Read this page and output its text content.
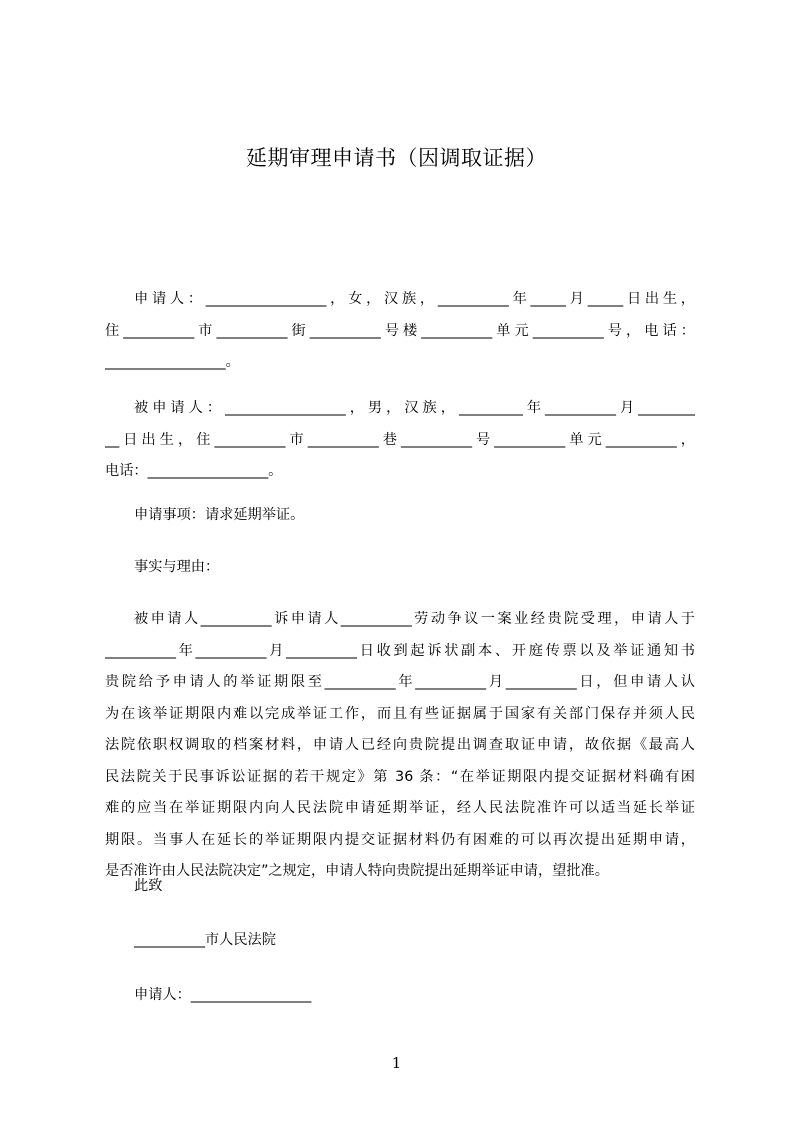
延期审理申请书（因调取证据）
申请人：_________________，女，汉族，__________年_____月_____日出生，
住__________市__________街__________号楼__________单元__________号，电话：
_________________。
被申请人：_________________，男，汉族，_________年__________月________
__日出生，住__________市__________巷__________号__________单元__________，
电话：_________________。
申请事项：请求延期举证。
事实与理由：
被申请人__________诉申请人__________劳动争议一案业经贵院受理，申请人于
__________年__________月__________日收到起诉状副本、开庭传票以及举证通知书
贵院给予申请人的举证期限至__________年__________月__________日，但申请人认
为在该举证期限内难以完成举证工作，而且有些证据属于国家有关部门保存并须人民
法院依职权调取的档案材料，申请人已经向贵院提出调查取证申请，故依据《最高人
民法院关于民事诉讼证据的若干规定》第 36 条：“在举证期限内提交证据材料确有困
难的应当在举证期限内向人民法院申请延期举证，经人民法院准许可以适当延长举证
期限。当事人在延长的举证期限内提交证据材料仍有困难的可以再次提出延期申请，
是否准许由人民法院决定”之规定，申请人特向贵院提出延期举证申请，望批准。
此致
__________市人民法院
申请人：_________________
1
